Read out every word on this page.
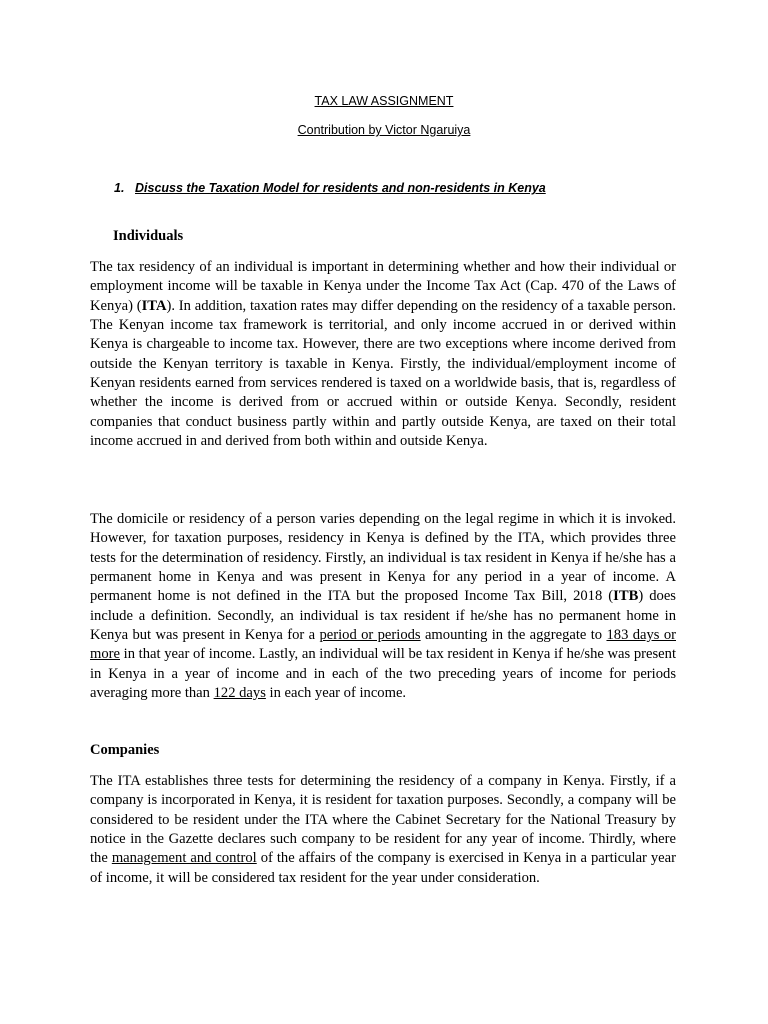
TAX LAW ASSIGNMENT
Contribution by Victor Ngaruiya
1. Discuss the Taxation Model for residents and non-residents in Kenya
Individuals

The tax residency of an individual is important in determining whether and how their individual or employment income will be taxable in Kenya under the Income Tax Act (Cap. 470 of the Laws of Kenya) (ITA). In addition, taxation rates may differ depending on the residency of a taxable person. The Kenyan income tax framework is territorial, and only income accrued in or derived within Kenya is chargeable to income tax. However, there are two exceptions where income derived from outside the Kenyan territory is taxable in Kenya. Firstly, the individual/employment income of Kenyan residents earned from services rendered is taxed on a worldwide basis, that is, regardless of whether the income is derived from or accrued within or outside Kenya. Secondly, resident companies that conduct business partly within and partly outside Kenya, are taxed on their total income accrued in and derived from both within and outside Kenya.

The domicile or residency of a person varies depending on the legal regime in which it is invoked. However, for taxation purposes, residency in Kenya is defined by the ITA, which provides three tests for the determination of residency. Firstly, an individual is tax resident in Kenya if he/she has a permanent home in Kenya and was present in Kenya for any period in a year of income. A permanent home is not defined in the ITA but the proposed Income Tax Bill, 2018 (ITB) does include a definition. Secondly, an individual is tax resident if he/she has no permanent home in Kenya but was present in Kenya for a period or periods amounting in the aggregate to 183 days or more in that year of income. Lastly, an individual will be tax resident in Kenya if he/she was present in Kenya in a year of income and in each of the two preceding years of income for periods averaging more than 122 days in each year of income.

Companies

The ITA establishes three tests for determining the residency of a company in Kenya. Firstly, if a company is incorporated in Kenya, it is resident for taxation purposes. Secondly, a company will be considered to be resident under the ITA where the Cabinet Secretary for the National Treasury by notice in the Gazette declares such company to be resident for any year of income. Thirdly, where the management and control of the affairs of the company is exercised in Kenya in a particular year of income, it will be considered tax resident for the year under consideration.
